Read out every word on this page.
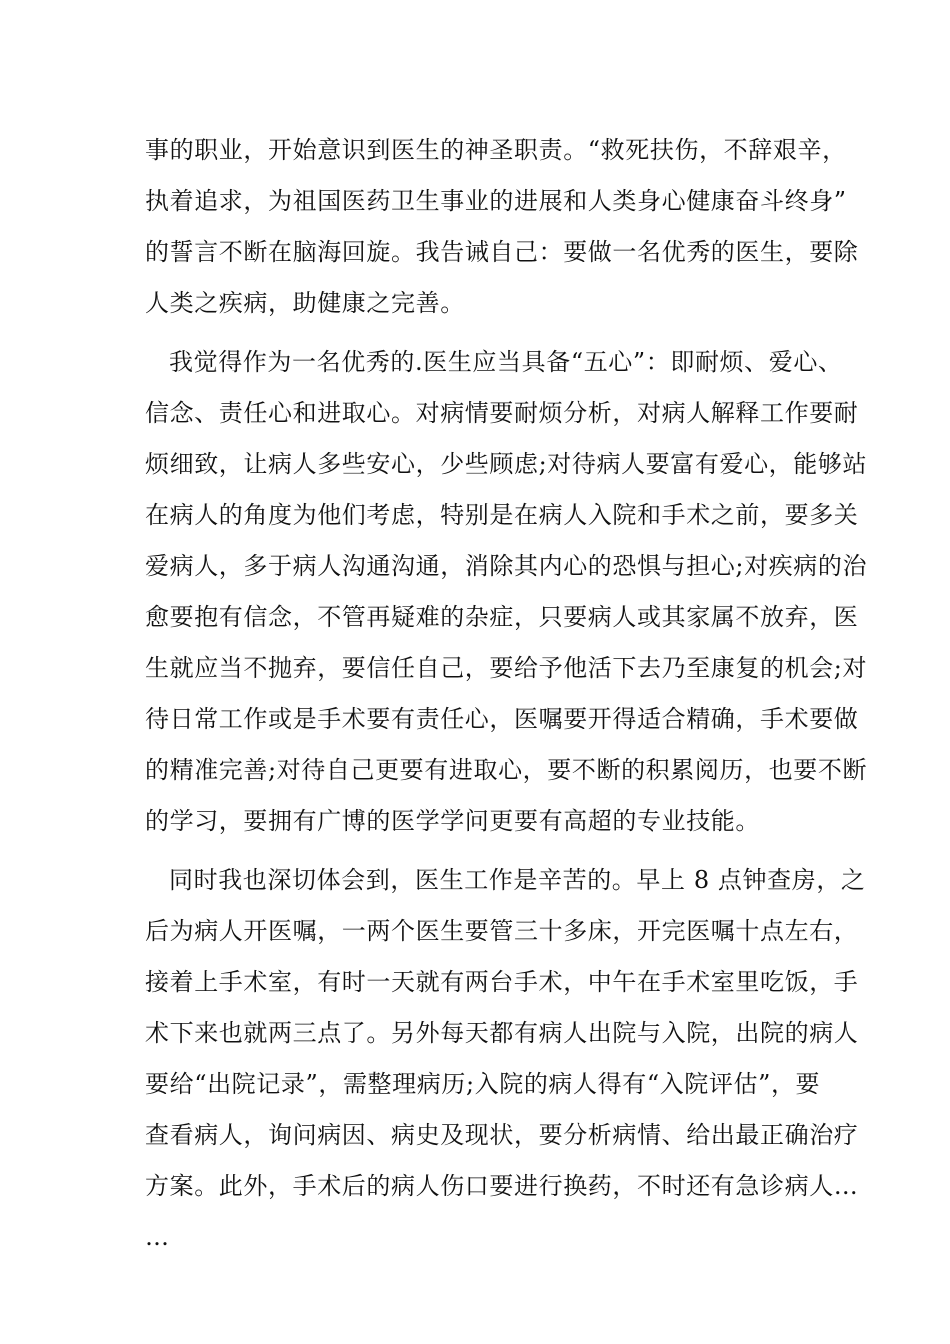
事的职业，开始意识到医生的神圣职责。“救死扶伤，不辞艰辛，
执着追求，为祖国医药卫生事业的进展和人类身心健康奋斗终身”
的誓言不断在脑海回旋。我告诫自己：要做一名优秀的医生，要除
人类之疾病，助健康之完善。
我觉得作为一名优秀的.医生应当具备“五心”：即耐烦、爱心、
信念、责任心和进取心。对病情要耐烦分析，对病人解释工作要耐
烦细致，让病人多些安心，少些顾虑;对待病人要富有爱心，能够站
在病人的角度为他们考虑，特别是在病人入院和手术之前，要多关
爱病人，多于病人沟通沟通，消除其内心的恐惧与担心;对疾病的治
愈要抱有信念，不管再疑难的杂症，只要病人或其家属不放弃，医
生就应当不抛弃，要信任自己，要给予他活下去乃至康复的机会;对
待日常工作或是手术要有责任心，医嘱要开得适合精确，手术要做
的精准完善;对待自己更要有进取心，要不断的积累阅历，也要不断
的学习，要拥有广博的医学学问更要有高超的专业技能。
同时我也深切体会到，医生工作是辛苦的。早上 8 点钟查房，之
后为病人开医嘱，一两个医生要管三十多床，开完医嘱十点左右，
接着上手术室，有时一天就有两台手术，中午在手术室里吃饭，手
术下来也就两三点了。另外每天都有病人出院与入院，出院的病人
要给“出院记录”，需整理病历;入院的病人得有“入院评估”，要
查看病人，询问病因、病史及现状，要分析病情、给出最正确治疗
方案。此外，手术后的病人伤口要进行换药，不时还有急诊病人…
…
